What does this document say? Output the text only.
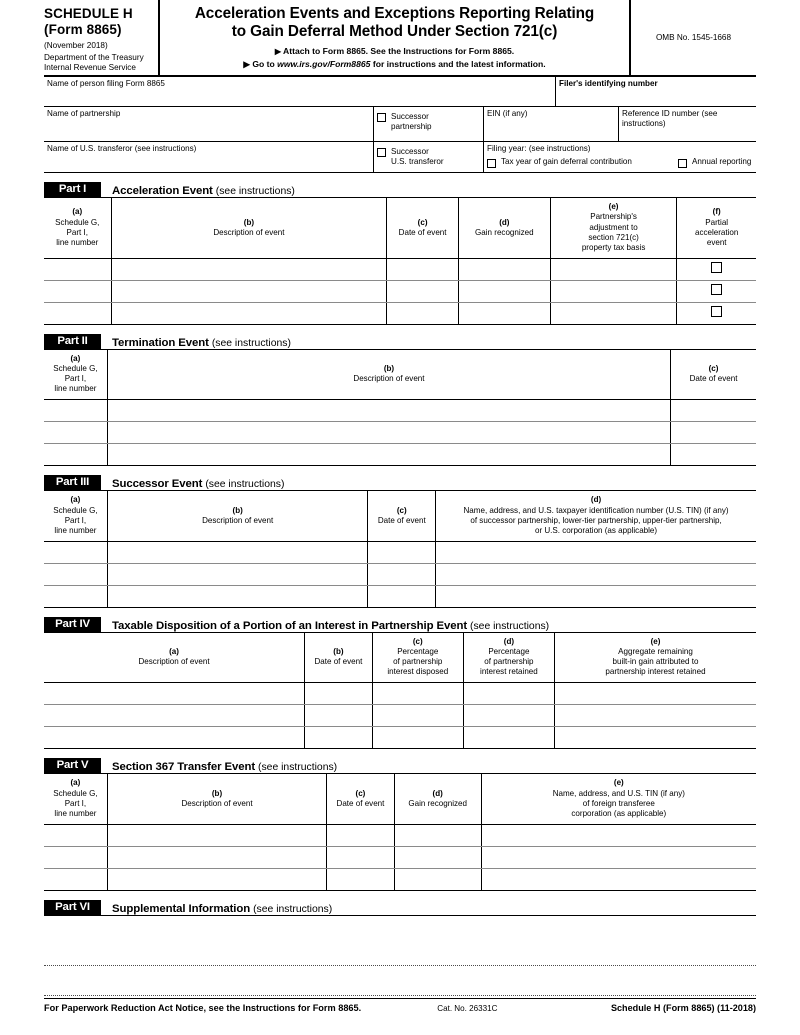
SCHEDULE H
(Form 8865)
(November 2018)
Department of the Treasury
Internal Revenue Service
Acceleration Events and Exceptions Reporting Relating
to Gain Deferral Method Under Section 721(c)
▶ Attach to Form 8865. See the Instructions for Form 8865.
▶ Go to www.irs.gov/Form8865 for instructions and the latest information.
OMB No. 1545-1668
Name of person filing Form 8865	Filer's identifying number
Name of partnership	Successor
partnership
EIN (if any)	Reference ID number (see instructions)
Name of U.S. transferor (see instructions)	Successor
U.S. transferor
Filing year: (see instructions)
Tax year of gain deferral contribution	Annual reporting
Part I	Acceleration Event (see instructions)
(a)
Schedule G,
Part I,
line number	(b)
Description of event	(c)
Date of event	(d)
Gain recognized	(e)
Partnership's
adjustment to
section 721(c)
property tax basis	(f)
Partial
acceleration
event

Part II	Termination Event (see instructions)
(a)
Schedule G,
Part I,
line number	(b)
Description of event	(c)
Date of event

Part III	Successor Event (see instructions)
(a)
Schedule G,
Part I,
line number	(b)
Description of event	(c)
Date of event	(d)
Name, address, and U.S. taxpayer identification number (U.S. TIN) (if any)
of successor partnership, lower-tier partnership, upper-tier partnership,
or U.S. corporation (as applicable)

Part IV	Taxable Disposition of a Portion of an Interest in Partnership Event (see instructions)
(a)
Description of event	(b)
Date of event	(c)
Percentage
of partnership
interest disposed	(d)
Percentage
of partnership
interest retained	(e)
Aggregate remaining
built-in gain attributed to
partnership interest retained

Part V	Section 367 Transfer Event (see instructions)
(a)
Schedule G,
Part I,
line number	(b)
Description of event	(c)
Date of event	(d)
Gain recognized	(e)
Name, address, and U.S. TIN (if any)
of foreign transferee
corporation (as applicable)

Part VI	Supplemental Information (see instructions)
For Paperwork Reduction Act Notice, see the Instructions for Form 8865.	Cat. No. 26331C	Schedule H (Form 8865) (11-2018)
